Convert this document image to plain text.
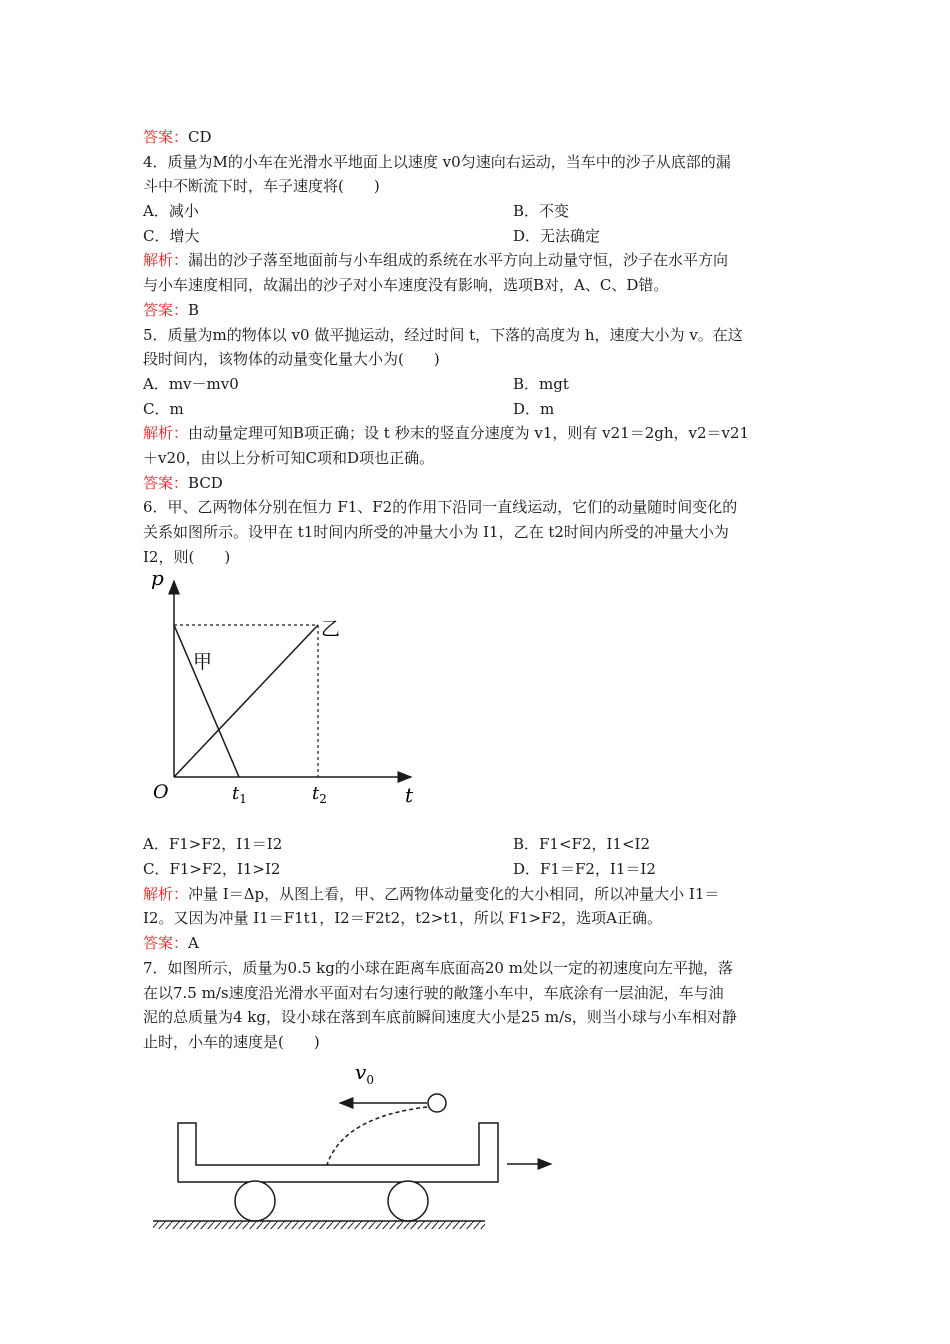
答案：CD
4．质量为M的小车在光滑水平地面上以速度 v0匀速向右运动，当车中的沙子从底部的漏
斗中不断流下时，车子速度将(　　)
A．减小	B．不变
C．增大	D．无法确定
解析：漏出的沙子落至地面前与小车组成的系统在水平方向上动量守恒，沙子在水平方向
与小车速度相同，故漏出的沙子对小车速度没有影响，选项B对，A、C、D错。
答案：B
5．质量为m的物体以 v0 做平抛运动，经过时间 t，下落的高度为 h，速度大小为 v。在这
段时间内，该物体的动量变化量大小为(　　)
A．mv－mv0	B．mgt
C．m	D．m
解析：由动量定理可知B项正确；设 t 秒末的竖直分速度为 v1，则有 v21＝2gh，v2＝v21
＋v20，由以上分析可知C项和D项也正确。
答案：BCD
6．甲、乙两物体分别在恒力 F1、F2的作用下沿同一直线运动，它们的动量随时间变化的
关系如图所示。设甲在 t1时间内所受的冲量大小为 I1，乙在 t2时间内所受的冲量大小为
I2，则(　　)
p
O	t
甲
乙
$t_1$	$t_2$
A．F1>F2，I1＝I2	B．F1<F2，I1<I2
C．F1>F2，I1>I2	D．F1＝F2，I1＝I2
解析：冲量 I＝Δp，从图上看，甲、乙两物体动量变化的大小相同，所以冲量大小 I1＝
I2。又因为冲量 I1＝F1t1，I2＝F2t2，t2>t1，所以 F1>F2，选项A正确。
答案：A
7．如图所示，质量为0.5 kg的小球在距离车底面高20 m处以一定的初速度向左平抛，落
在以7.5 m/s速度沿光滑水平面对右匀速行驶的敞篷小车中，车底涂有一层油泥，车与油
泥的总质量为4 kg，设小球在落到车底前瞬间速度大小是25 m/s，则当小球与小车相对静
止时，小车的速度是(　　)
$v_0$
